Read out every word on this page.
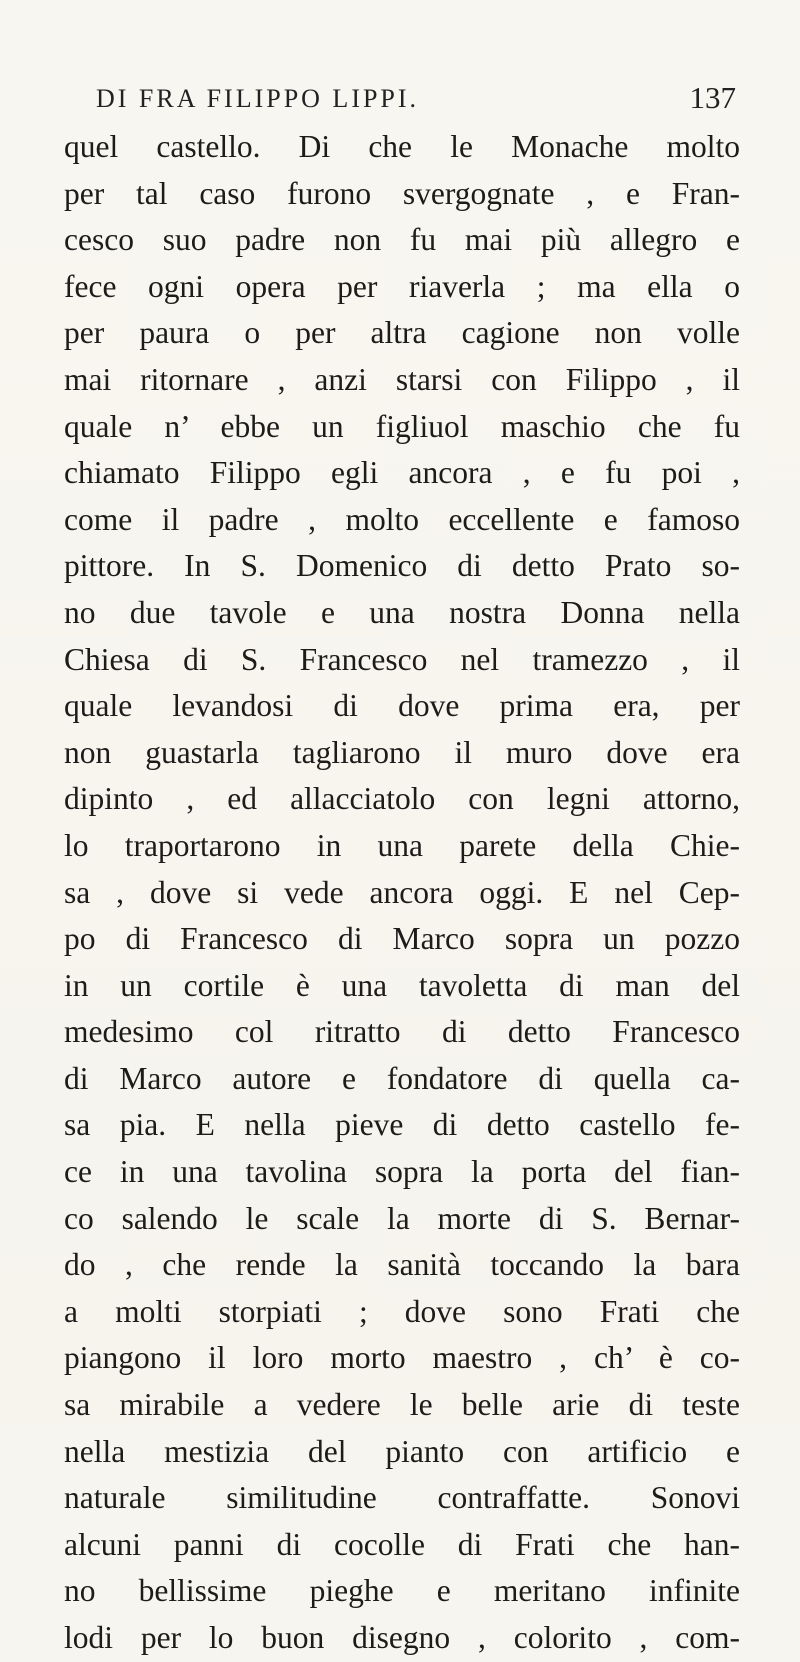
DI FRA FILIPPO LIPPI.	137
quel castello. Di che le Monache molto
per tal caso furono svergognate , e Fran-
cesco suo padre non fu mai più allegro e
fece ogni opera per riaverla ; ma ella o
per paura o per altra cagione non volle
mai ritornare , anzi starsi con Filippo , il
quale n’ ebbe un figliuol maschio che fu
chiamato Filippo egli ancora , e fu poi ,
come il padre , molto eccellente e famoso
pittore. In S. Domenico di detto Prato so-
no due tavole e una nostra Donna nella
Chiesa di S. Francesco nel tramezzo , il
quale levandosi di dove prima era, per
non guastarla tagliarono il muro dove era
dipinto , ed allacciatolo con legni attorno,
lo traportarono in una parete della Chie-
sa , dove si vede ancora oggi. E nel Cep-
po di Francesco di Marco sopra un pozzo
in un cortile è una tavoletta di man del
medesimo col ritratto di detto Francesco
di Marco autore e fondatore di quella ca-
sa pia. E nella pieve di detto castello fe-
ce in una tavolina sopra la porta del fian-
co salendo le scale la morte di S. Bernar-
do , che rende la sanità toccando la bara
a molti storpiati ; dove sono Frati che
piangono il loro morto maestro , ch’ è co-
sa mirabile a vedere le belle arie di teste
nella mestizia del pianto con artificio e
naturale similitudine contraffatte. Sonovi
alcuni panni di cocolle di Frati che han-
no bellissime pieghe e meritano infinite
lodi per lo buon disegno , colorito , com-
